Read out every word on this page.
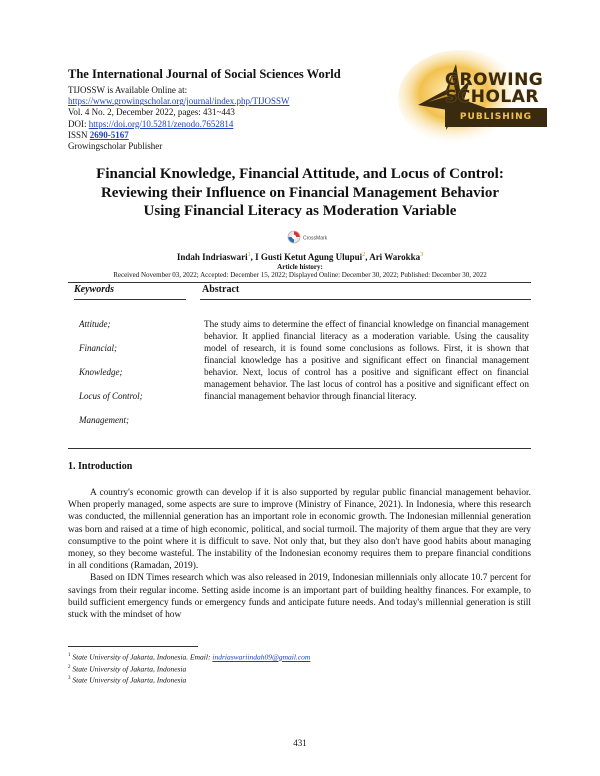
The International Journal of Social Sciences World
TIJOSSW is Available Online at:
https://www.growingscholar.org/journal/index.php/TIJOSSW
Vol. 4 No. 2, December 2022, pages: 431~443
DOI: https://doi.org/10.5281/zenodo.7652814
ISSN 2690-5167
Growingscholar Publisher
GROWING
SCHOLAR
PUBLISHING
Financial Knowledge, Financial Attitude, and Locus of Control:
Reviewing their Influence on Financial Management Behavior
Using Financial Literacy as Moderation Variable
CrossMark
Indah Indriaswari$^1$, I Gusti Ketut Agung Ulupui$^2$, Ari Warokka$^3$
Article history:
Received November 03, 2022; Accepted: December 15, 2022; Displayed Online: December 30, 2022; Published: December 30, 2022
Keywords	Abstract
Attitude;
Financial;
Knowledge;
Locus of Control;
Management;
The study aims to determine the effect of financial knowledge on financial management behavior. It applied financial literacy as a moderation variable. Using the causality model of research, it is found some conclusions as follows. First, it is shown that financial knowledge has a positive and significant effect on financial management behavior. Next, locus of control has a positive and significant effect on financial management behavior. The last locus of control has a positive and significant effect on financial management behavior through financial literacy.
1. Introduction

A country's economic growth can develop if it is also supported by regular public financial management behavior. When properly managed, some aspects are sure to improve (Ministry of Finance, 2021). In Indonesia, where this research was conducted, the millennial generation has an important role in economic growth. The Indonesian millennial generation was born and raised at a time of high economic, political, and social turmoil. The majority of them argue that they are very consumptive to the point where it is difficult to save. Not only that, but they also don't have good habits about managing money, so they become wasteful. The instability of the Indonesian economy requires them to prepare financial conditions in all conditions (Ramadan, 2019).

Based on IDN Times research which was also released in 2019, Indonesian millennials only allocate 10.7 percent for savings from their regular income. Setting aside income is an important part of building healthy finances. For example, to build sufficient emergency funds or emergency funds and anticipate future needs. And today's millennial generation is still stuck with the mindset of how

$^1$ State University of Jakarta, Indonesia. Email: indriaswariindah09@gmail.com
$^2$ State University of Jakarta, Indonesia
$^3$ State University of Jakarta, Indonesia
431
